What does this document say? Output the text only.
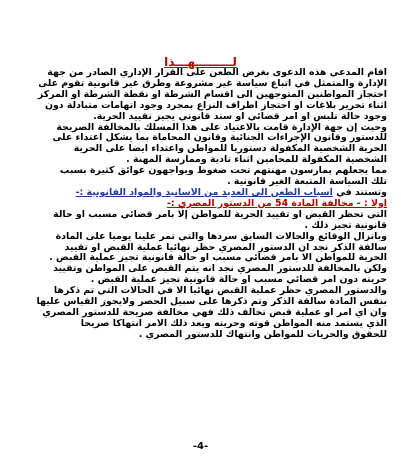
لـــــــــهـــذا
أقام المدعي هذه الدعوى بغرض الطعن على القرار الإداري الصادر من جهة
الإدارة والمتمثل في اتباع سياسة غير مشروعة وطرق غير قانونية تقوم على
احتجاز المواطنين المتوجهين الى اقسام الشرطة أو نقطة الشرطة أو المركز
أثناء تحرير بلاغات أو احتجاز أطراف النزاع بمجرد وجود اتهامات متبادلة دون
وجود حالة تلبس أو أمر قضائي أو سند قانوني يجيز تقييد الحرية.
وحيث إن جهة الإدارة قامت بالاعتياد على هذا المسلك بالمخالفة الصريحة
للدستور وقانون الإجراءات الجنائية وقانون المحاماة بما يشكل اعتداء على
الحرية الشخصية المكفولة دستوريا للمواطن واعتداء أيضا على الحرية
الشخصية المكفولة للمحامين أثناء تأدية وممارسة المهنة .
مما يجعلهم يمارسون مهنتهم تحت ضغوط ويواجهون عوائق كثيرة بسبب
تلك السياسة المتبعة الغير قانونية .
وتستند في أسباب الطعن الى العديد من الأسانيد والمواد القانونية :-
أولا : - مخالفة المادة 54 من الدستور المصري :-
التي تحظر القبض أو تقييد الحرية للمواطن إلا بأمر قضائي مسبب أو حالة
قانونية تجيز ذلك .
وبانزال الوقائع والحالات السابق سردها والتي تمر علينا يوميا على المادة
سالفة الذكر نجد أن الدستور المصري حظر نهائيا عملية القبض أو تقييد
الحرية للمواطن الا بأمر قضائي مسبب أو حالة قانونية تجيز عملية القبض .
ولكن بالمخالفة للدستور المصري نجد أنه يتم القبض على المواطن وتقييد
حريته دون أمر قضائي مسبب أو حالة قانونية تجيز عملية القبض .
والدستور المصري حظر عملية القبض نهائيا الا في الحالات التي تم ذكرها
بنفس المادة سالفة الذكر وتم ذكرها على سبيل الحصر ولايجوز القياس عليها
وأن أي أمر أو عملية قبض تخالف ذلك فهي مخالفة صريحة للدستور المصري
الذي يستمد منه المواطن قوته وحريته ويعد ذلك الأمر انتهاكا صريحا
للحقوق والحريات للمواطن وانتهاك للدستور المصري .
-4-
